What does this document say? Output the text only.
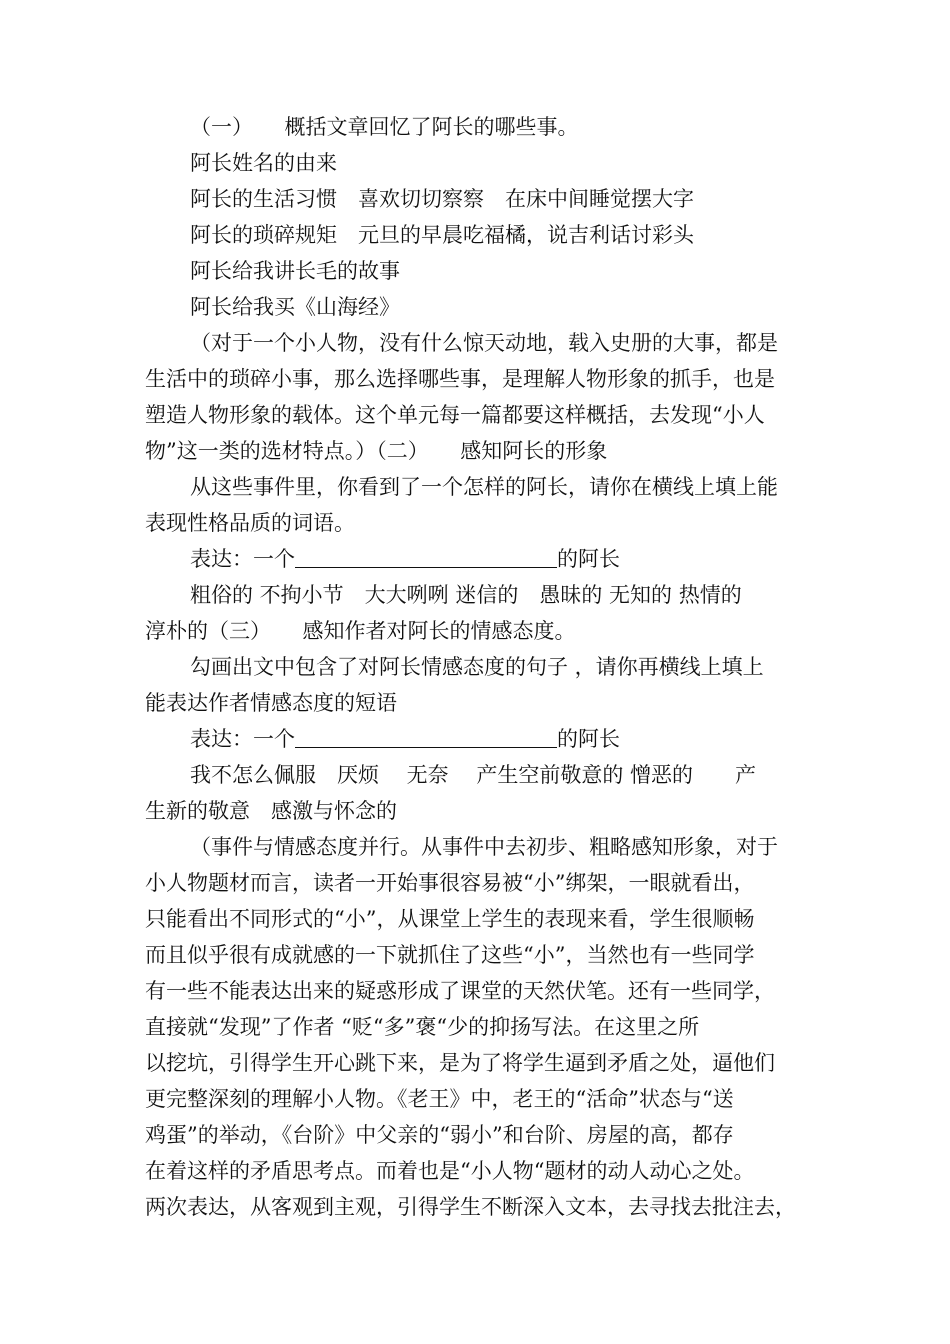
（一）　　概括文章回忆了阿长的哪些事。
阿长姓名的由来
阿长的生活习惯　喜欢切切察察　在床中间睡觉摆大字
阿长的琐碎规矩　元旦的早晨吃福橘，说吉利话讨彩头
阿长给我讲长毛的故事
阿长给我买《山海经》
（对于一个小人物，没有什么惊天动地，载入史册的大事，都是
生活中的琐碎小事，那么选择哪些事，是理解人物形象的抓手，也是
塑造人物形象的载体。这个单元每一篇都要这样概括，去发现“小人
物”这一类的选材特点。）（二）　　感知阿长的形象
从这些事件里，你看到了一个怎样的阿长，请你在横线上填上能
表现性格品质的词语。
表达：一个	的阿长
粗俗的 不拘小节　大大咧咧 迷信的　愚昧的 无知的 热情的
淳朴的（三）　　感知作者对阿长的情感态度。
勾画出文中包含了对阿长情感态度的句子 ，请你再横线上填上
能表达作者情感态度的短语
表达：一个	的阿长
我不怎么佩服　厌烦　 无奈 　产生空前敬意的 憎恶的　　产
生新的敬意　感激与怀念的
（事件与情感态度并行。从事件中去初步、粗略感知形象，对于
小人物题材而言，读者一开始事很容易被“小”绑架，一眼就看出，
只能看出不同形式的“小”，从课堂上学生的表现来看，学生很顺畅
而且似乎很有成就感的一下就抓住了这些“小”，当然也有一些同学
有一些不能表达出来的疑惑形成了课堂的天然伏笔。还有一些同学，
直接就“发现”了作者 “贬“多”褒“少的抑扬写法。在这里之所
以挖坑，引得学生开心跳下来，是为了将学生逼到矛盾之处，逼他们
更完整深刻的理解小人物。《老王》中，老王的“活命”状态与“送
鸡蛋”的举动，《台阶》中父亲的“弱小”和台阶、房屋的高，都存
在着这样的矛盾思考点。而着也是“小人物“题材的动人动心之处。
两次表达，从客观到主观，引得学生不断深入文本，去寻找去批注去，
